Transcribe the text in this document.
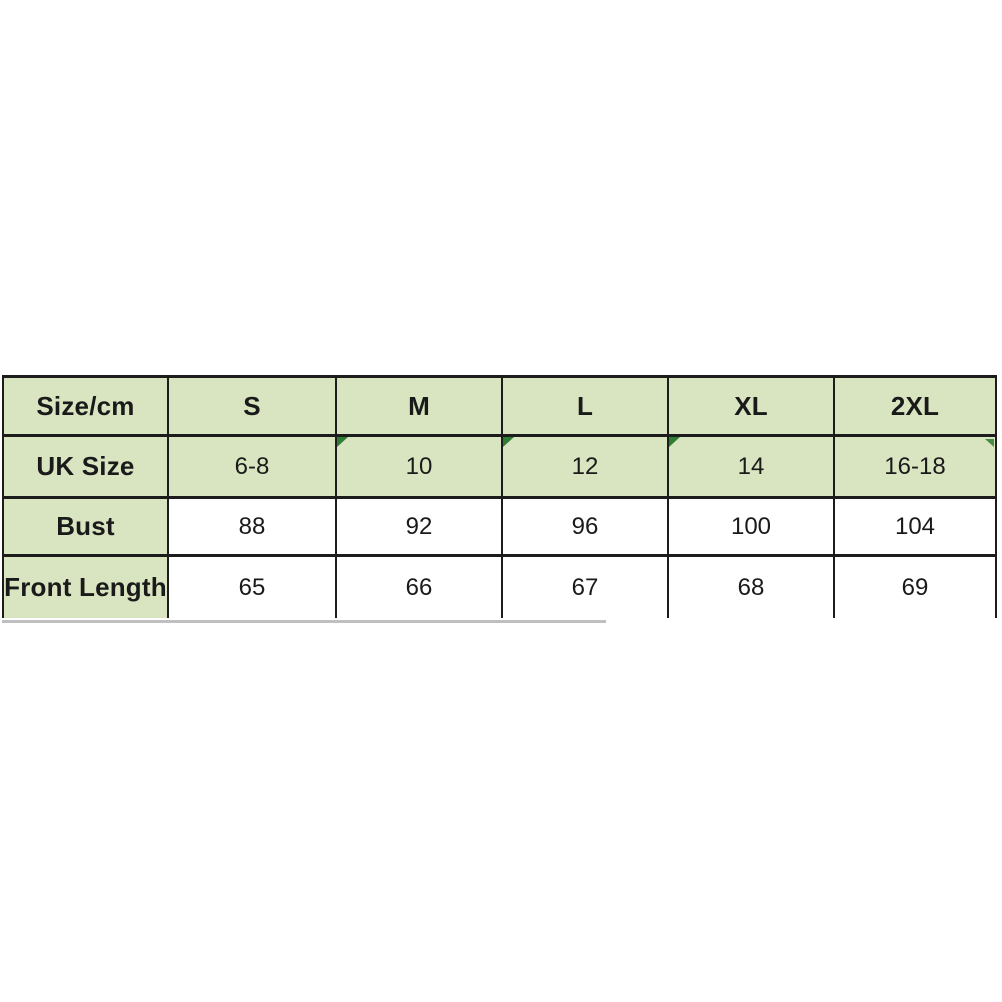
Size/cm	S	M	L	XL	2XL
UK Size	6-8	10	12	14	16-18
Bust	88	92	96	100	104
Front Length	65	66	67	68	69
